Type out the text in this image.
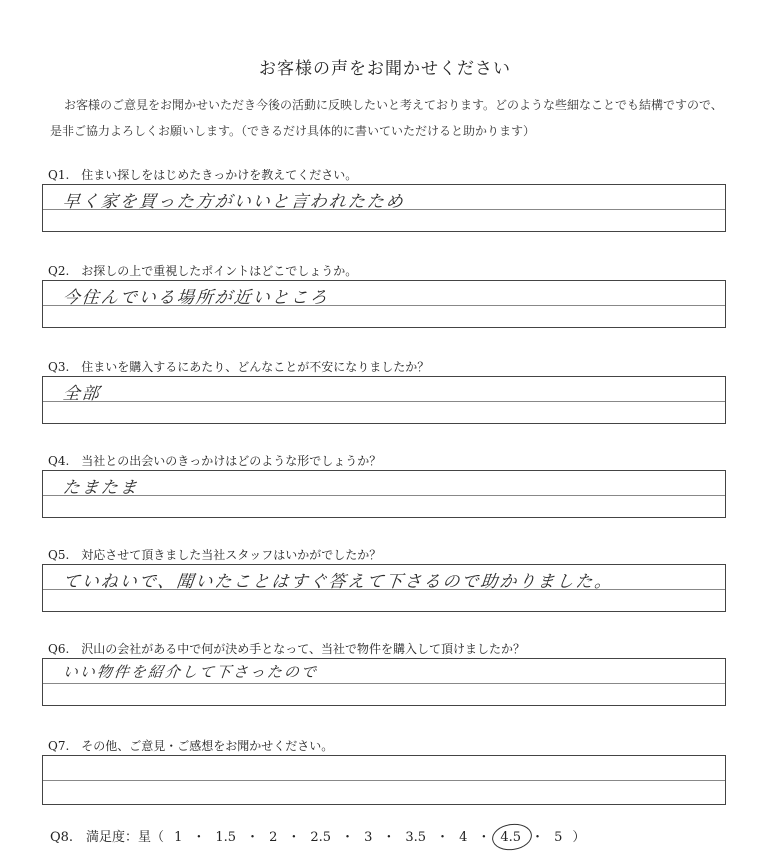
お客様の声をお聞かせください
お客様のご意見をお聞かせいただき今後の活動に反映したいと考えております。どのような些細なことでも結構ですので、是非ご協力よろしくお願いします。（できるだけ具体的に書いていただけると助かります）
Q1.　住まい探しをはじめたきっかけを教えてください。
早く家を買った方がいいと言われたため
Q2.　お探しの上で重視したポイントはどこでしょうか。
今住んでいる場所が近いところ
Q3.　住まいを購入するにあたり、どんなことが不安になりましたか？
全部
Q4.　当社との出会いのきっかけはどのような形でしょうか？
たまたま
Q5.　対応させて頂きました当社スタッフはいかがでしたか？
ていねいで、聞いたことはすぐ答えて下さるので助かりました。
Q6.　沢山の会社がある中で何が決め手となって、当社で物件を購入して頂けましたか？
いい物件を紹介して下さったので
Q7.　その他、ご意見・ご感想をお聞かせください。
Q8.　満足度：星（ 1 ・ 1.5 ・ 2 ・ 2.5 ・ 3 ・ 3.5 ・ 4 ・ 4.5 ・ 5 ）
